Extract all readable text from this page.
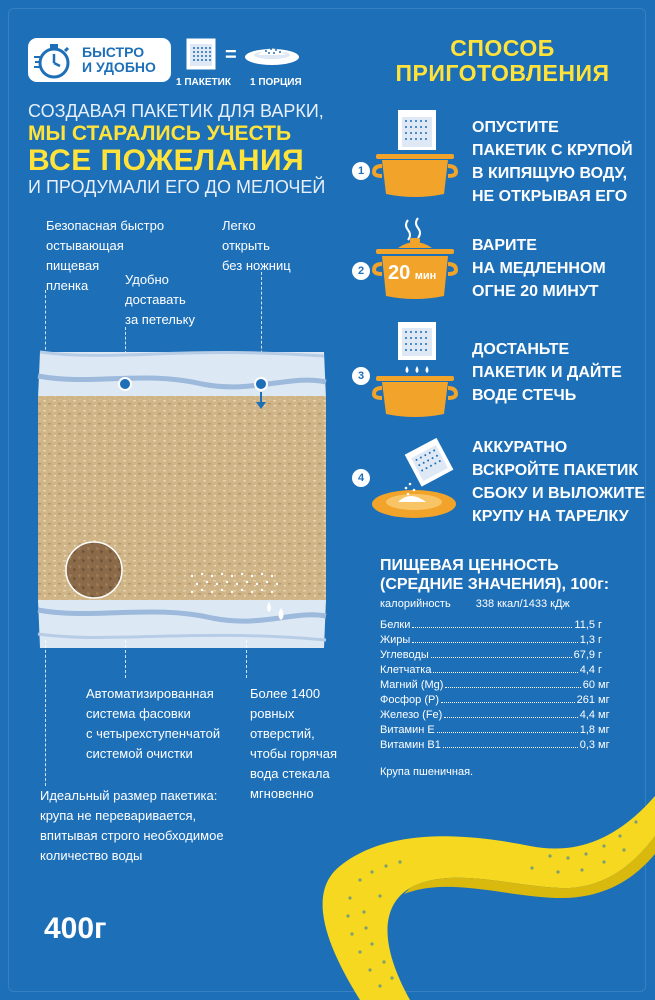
БЫСТРО
И УДОБНО
=
1 ПАКЕТИК 1 ПОРЦИЯ
СОЗДАВАЯ ПАКЕТИК ДЛЯ ВАРКИ,
МЫ СТАРАЛИСЬ УЧЕСТЬ
ВСЕ ПОЖЕЛАНИЯ
И ПРОДУМАЛИ ЕГО ДО МЕЛОЧЕЙ
Безопасная быстро
остывающая
пищевая
пленка	Удобно
доставать
за петельку
Легко
открыть
без ножниц
Автоматизированная
система фасовки
с четырехступенчатой
системой очистки
Более 1400
ровных
отверстий,
чтобы горячая
вода стекала
мгновенно
Идеальный размер пакетика:
крупа не переваривается,
впитывая строго необходимое
количество воды
400г
СПОСОБ
ПРИГОТОВЛЕНИЯ
1
ОПУСТИТЕ
ПАКЕТИК С КРУПОЙ
В КИПЯЩУЮ ВОДУ,
НЕ ОТКРЫВАЯ ЕГО
2 20 мин
ВАРИТЕ
НА МЕДЛЕННОМ
ОГНЕ 20 МИНУТ
3
ДОСТАНЬТЕ
ПАКЕТИК И ДАЙТЕ
ВОДЕ СТЕЧЬ
4
АККУРАТНО
ВСКРОЙТЕ ПАКЕТИК
СБОКУ И ВЫЛОЖИТЕ
КРУПУ НА ТАРЕЛКУ
ПИЩЕВАЯ ЦЕННОСТЬ
(СРЕДНИЕ ЗНАЧЕНИЯ), 100г:
калорийность 338 ккал/1433 кДж
Белки	11,5 г
Жиры	1,3 г
Углеводы	67,9 г
Клетчатка	4,4 г
Магний (Mg)	60 мг
Фосфор (P)	261 мг
Железо (Fe)	4,4 мг
Витамин Е	1,8 мг
Витамин В1	0,3 мг
Крупа пшеничная.
